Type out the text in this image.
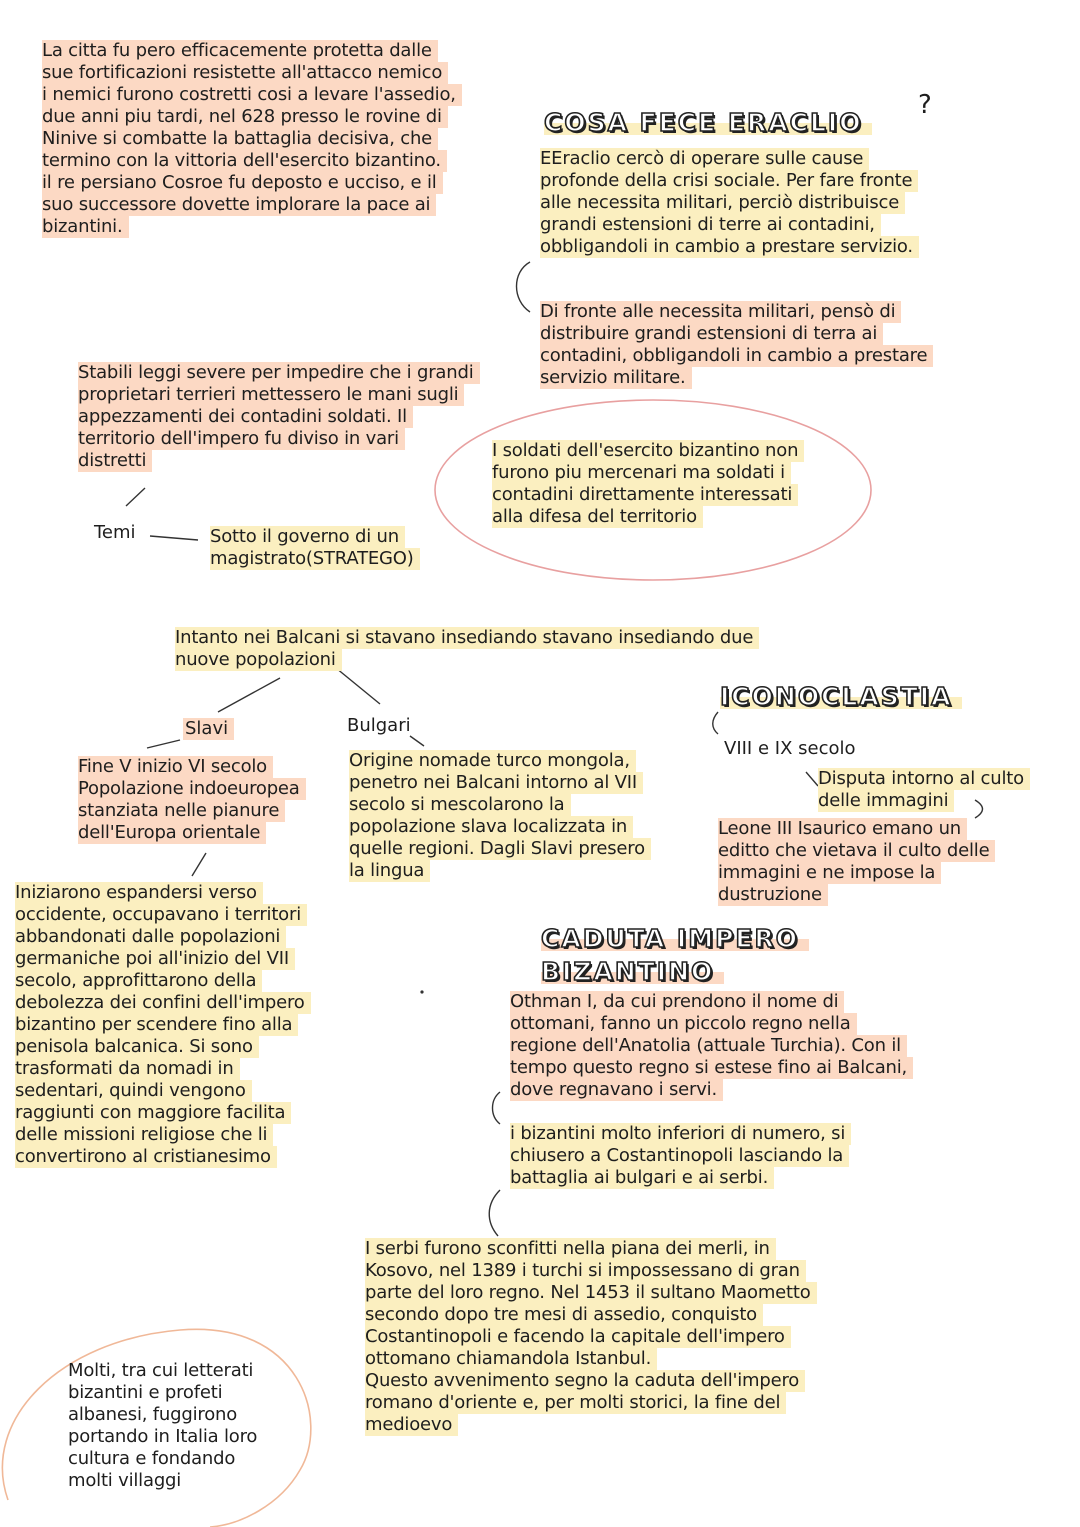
La citta fu pero efficacemente protetta dalle
sue fortificazioni resistette all'attacco nemico
i nemici furono costretti cosi a levare l'assedio,
due anni piu tardi, nel 628 presso le rovine di
Ninive si combatte la battaglia decisiva, che
termino con la vittoria dell'esercito bizantino.
il re persiano Cosroe fu deposto e ucciso, e il
suo successore dovette implorare la pace ai
bizantini.
COSA FECE ERACLIO
?
EEraclio cercò di operare sulle cause
profonde della crisi sociale. Per fare fronte
alle necessita militari, perciò distribuisce
grandi estensioni di terre ai contadini,
obbligandoli in cambio a prestare servizio.
Di fronte alle necessita militari, pensò di
distribuire grandi estensioni di terra ai
contadini, obbligandoli in cambio a prestare
servizio militare.
Stabili leggi severe per impedire che i grandi
proprietari terrieri mettessero le mani sugli
appezzamenti dei contadini soldati. Il
territorio dell'impero fu diviso in vari
distretti	I soldati dell'esercito bizantino non
furono piu mercenari ma soldati i
contadini direttamente interessati
alla difesa del territorio
Temi	Sotto il governo di un
magistrato(STRATEGO)
Intanto nei Balcani si stavano insediando stavano insediando due
nuove popolazioni
Slavi	Bulgari
ICONOCLASTIA
VIII e IX secolo
Fine V inizio VI secolo
Popolazione indoeuropea
stanziata nelle pianure
dell'Europa orientale
Origine nomade turco mongola,
penetro nei Balcani intorno al VII
secolo si mescolarono la
popolazione slava localizzata in
quelle regioni. Dagli Slavi presero
la lingua
Disputa intorno al culto
delle immagini
Leone III Isaurico emano un
editto che vietava il culto delle
immagini e ne impose la
dustruzione
Iniziarono espandersi verso
occidente, occupavano i territori
abbandonati dalle popolazioni
germaniche poi all'inizio del VII
secolo, approfittarono della
debolezza dei confini dell'impero
bizantino per scendere fino alla
penisola balcanica. Si sono
trasformati da nomadi in
sedentari, quindi vengono
raggiunti con maggiore facilita
delle missioni religiose che li
convertirono al cristianesimo
CADUTA IMPERO
BIZANTINO
Othman I, da cui prendono il nome di
ottomani, fanno un piccolo regno nella
regione dell'Anatolia (attuale Turchia). Con il
tempo questo regno si estese fino ai Balcani,
dove regnavano i servi.
i bizantini molto inferiori di numero, si
chiusero a Costantinopoli lasciando la
battaglia ai bulgari e ai serbi.
I serbi furono sconfitti nella piana dei merli, in
Kosovo, nel 1389 i turchi si impossessano di gran
parte del loro regno. Nel 1453 il sultano Maometto
secondo dopo tre mesi di assedio, conquisto
Costantinopoli e facendo la capitale dell'impero
ottomano chiamandola Istanbul.
Questo avvenimento segno la caduta dell'impero
romano d'oriente e, per molti storici, la fine del
medioevo
Molti, tra cui letterati
bizantini e profeti
albanesi, fuggirono
portando in Italia loro
cultura e fondando
molti villaggi
